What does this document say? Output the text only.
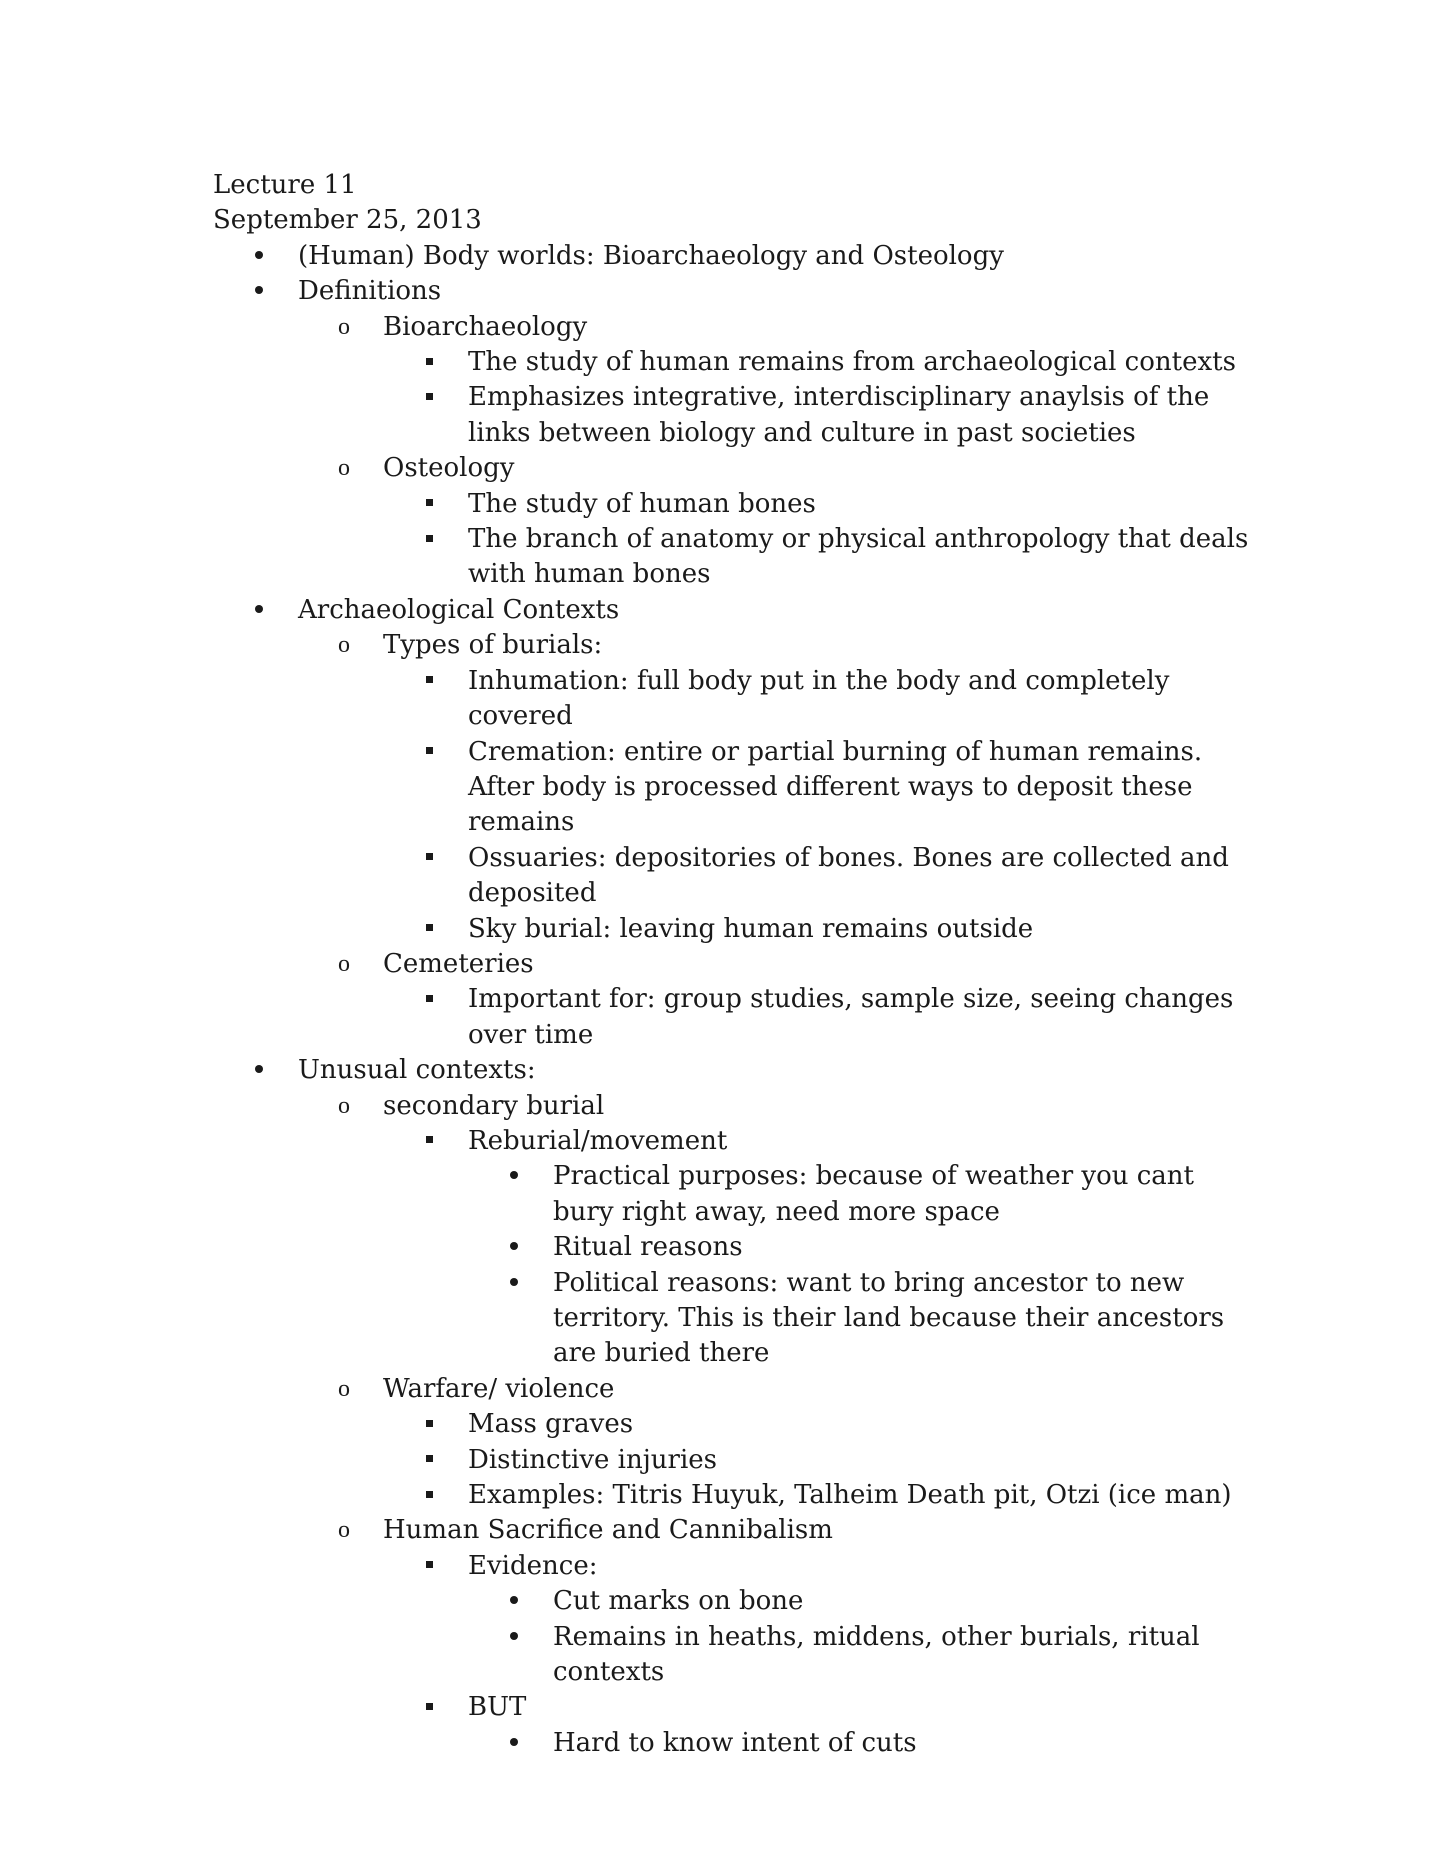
Lecture 11

September 25, 2013

(Human) Body worlds: Bioarchaeology and Osteology
Definitions
o Bioarchaeology
The study of human remains from archaeological contexts
Emphasizes integrative, interdisciplinary anaylsis of the links between biology and culture in past societies
o Osteology
The study of human bones
The branch of anatomy or physical anthropology that deals with human bones
Archaeological Contexts
o Types of burials:
Inhumation: full body put in the body and completely covered
Cremation: entire or partial burning of human remains. After body is processed different ways to deposit these remains
Ossuaries: depositories of bones. Bones are collected and deposited
Sky burial: leaving human remains outside
o Cemeteries
Important for: group studies, sample size, seeing changes over time
Unusual contexts:
o secondary burial
Reburial/movement
Practical purposes: because of weather you cant bury right away, need more space
Ritual reasons
Political reasons: want to bring ancestor to new territory. This is their land because their ancestors are buried there
o Warfare/ violence
Mass graves
Distinctive injuries
Examples: Titris Huyuk, Talheim Death pit, Otzi (ice man)
o Human Sacrifice and Cannibalism
Evidence:
Cut marks on bone
Remains in heaths, middens, other burials, ritual contexts
BUT
Hard to know intent of cuts
